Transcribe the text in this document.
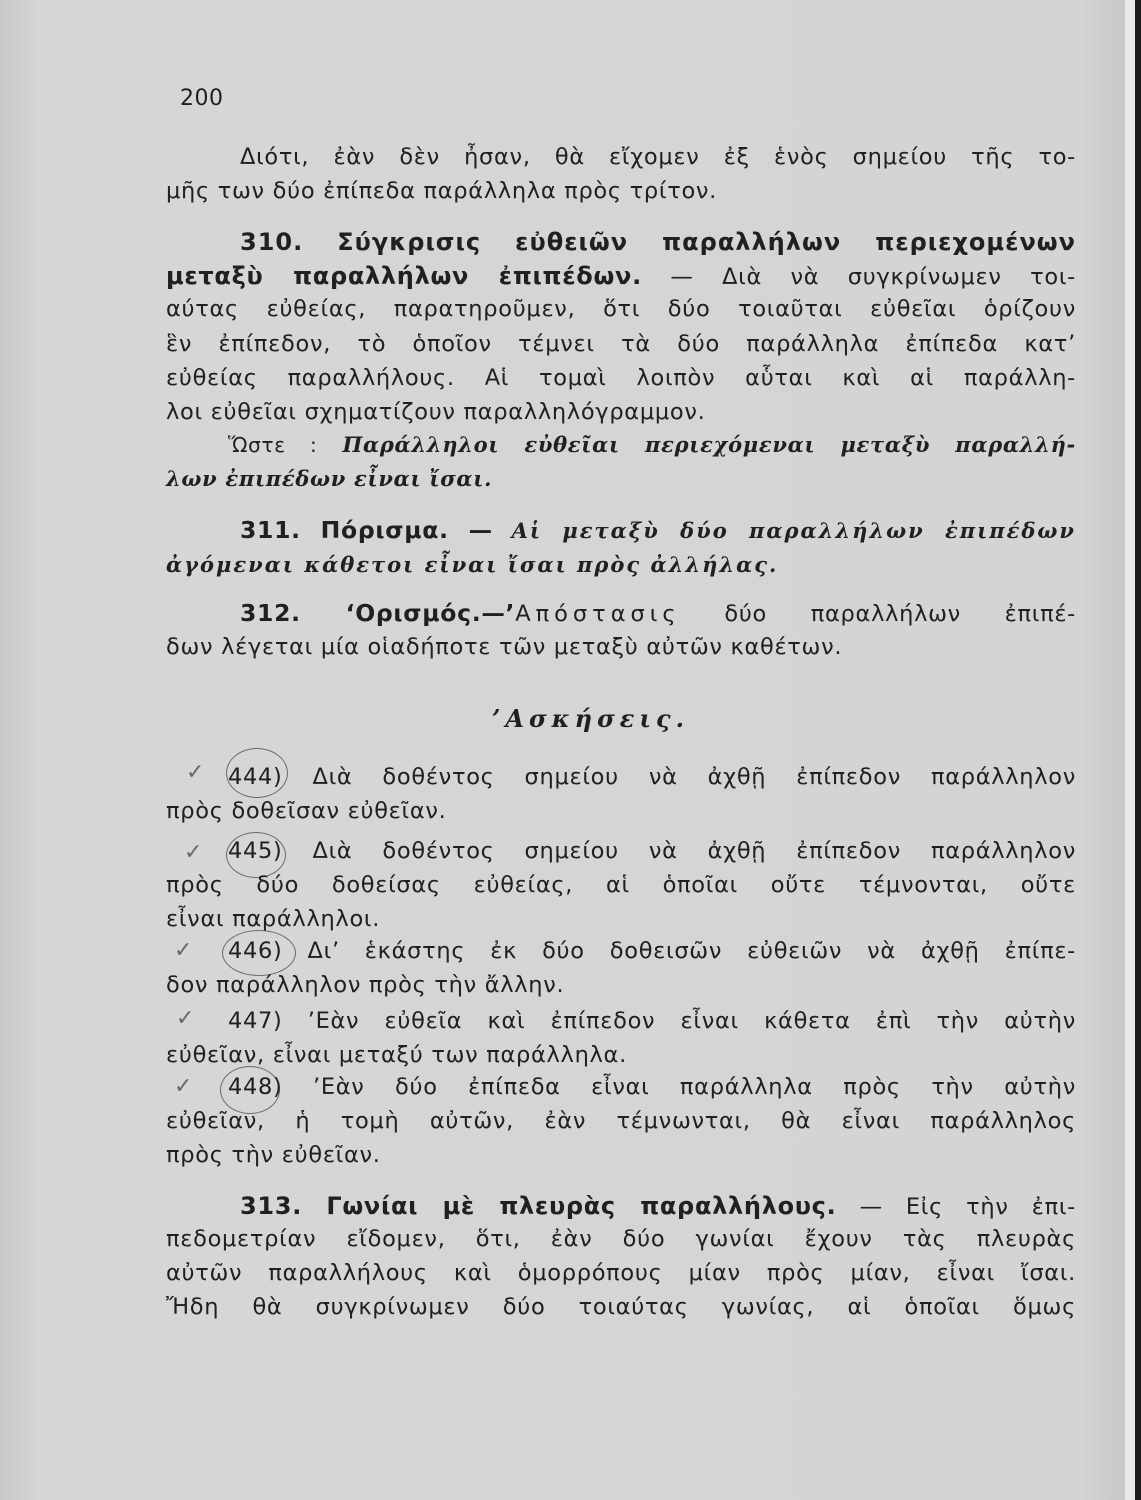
200
Διότι, ἐὰν δὲν ἦσαν, θὰ εἴχομεν ἐξ ἑνὸς σημείου τῆς το-
μῆς των δύο ἐπίπεδα παράλληλα πρὸς τρίτον.
310. Σύγκρισις εὐθειῶν παραλλήλων περιεχομένων
μεταξὺ παραλλήλων ἐπιπέδων. — Διὰ νὰ συγκρίνωμεν τοι-
αύτας εὐθείας, παρατηροῦμεν, ὅτι δύο τοιαῦται εὐθεῖαι ὁρίζουν
ἓν ἐπίπεδον, τὸ ὁποῖον τέμνει τὰ δύο παράλληλα ἐπίπεδα κατ’
εὐθείας παραλλήλους. Αἱ τομαὶ λοιπὸν αὗται καὶ αἱ παράλλη-
λοι εὐθεῖαι σχηματίζουν παραλληλόγραμμον.
Ὥστε : Παράλληλοι εὐθεῖαι περιεχόμεναι μεταξὺ παραλλή-
λων ἐπιπέδων εἶναι ἴσαι.
311. Πόρισμα. — Αἱ μεταξὺ δύο παραλλήλων ἐπιπέδων
ἀγόμεναι κάθετοι εἶναι ἴσαι πρὸς ἀλλήλας.
312. ‘Ορισμός.—’Απόστασις δύο παραλλήλων ἐπιπέ-
δων λέγεται μία οἱαδήποτε τῶν μεταξὺ αὐτῶν καθέτων.
’Ασκήσεις.
✓
✓
✓
✓
✓
444) Διὰ δοθέντος σημείου νὰ ἀχθῇ ἐπίπεδον παράλληλον
πρὸς δοθεῖσαν εὐθεῖαν.
445) Διὰ δοθέντος σημείου νὰ ἀχθῇ ἐπίπεδον παράλληλον
πρὸς δύο δοθείσας εὐθείας, αἱ ὁποῖαι οὔτε τέμνονται, οὔτε
εἶναι παράλληλοι.
446) Δι’ ἑκάστης ἐκ δύο δοθεισῶν εὐθειῶν νὰ ἀχθῇ ἐπίπε-
δον παράλληλον πρὸς τὴν ἄλλην.
447) ’Εὰν εὐθεῖα καὶ ἐπίπεδον εἶναι κάθετα ἐπὶ τὴν αὐτὴν
εὐθεῖαν, εἶναι μεταξύ των παράλληλα.
448) ’Εὰν δύο ἐπίπεδα εἶναι παράλληλα πρὸς τὴν αὐτὴν
εὐθεῖαν, ἡ τομὴ αὐτῶν, ἐὰν τέμνωνται, θὰ εἶναι παράλληλος
πρὸς τὴν εὐθεῖαν.
313. Γωνίαι μὲ πλευρὰς παραλλήλους. — Εἰς τὴν ἐπι-
πεδομετρίαν εἴδομεν, ὅτι, ἐὰν δύο γωνίαι ἔχουν τὰς πλευρὰς
αὐτῶν παραλλήλους καὶ ὁμορρόπους μίαν πρὸς μίαν, εἶναι ἴσαι.
Ἤδη θὰ συγκρίνωμεν δύο τοιαύτας γωνίας, αἱ ὁποῖαι ὅμως
